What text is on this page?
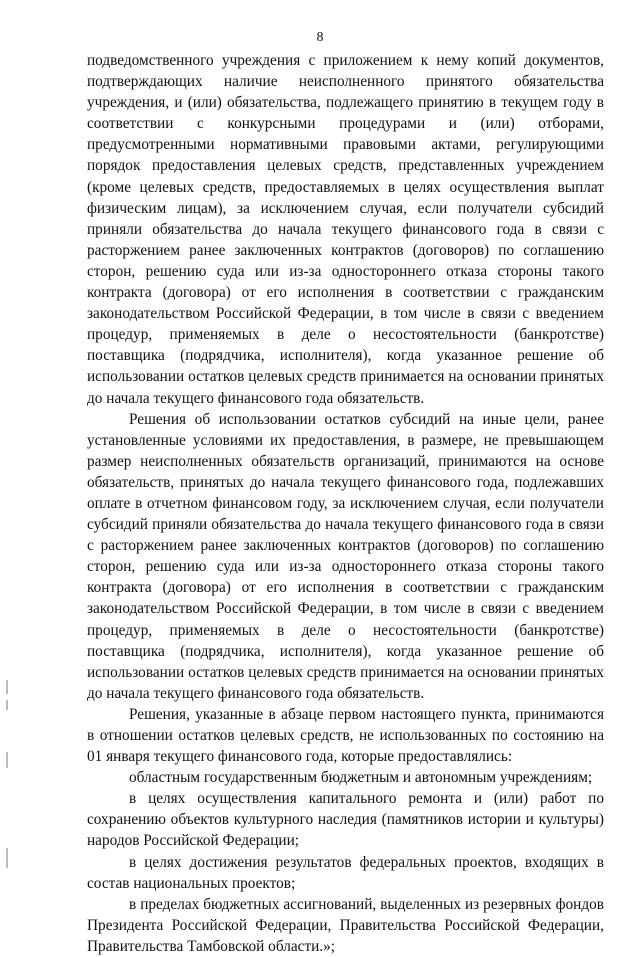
8

подведомственного учреждения с приложением к нему копий документов, подтверждающих наличие неисполненного принятого обязательства учреждения, и (или) обязательства, подлежащего принятию в текущем году в соответствии с конкурсными процедурами и (или) отборами, предусмотренными нормативными правовыми актами, регулирующими порядок предоставления целевых средств, представленных учреждением (кроме целевых средств, предоставляемых в целях осуществления выплат физическим лицам), за исключением случая, если получатели субсидий приняли обязательства до начала текущего финансового года в связи с расторжением ранее заключенных контрактов (договоров) по соглашению сторон, решению суда или из-за одностороннего отказа стороны такого контракта (договора) от его исполнения в соответствии с гражданским законодательством Российской Федерации, в том числе в связи с введением процедур, применяемых в деле о несостоятельности (банкротстве) поставщика (подрядчика, исполнителя), когда указанное решение об использовании остатков целевых средств принимается на основании принятых до начала текущего финансового года обязательств.

Решения об использовании остатков субсидий на иные цели, ранее установленные условиями их предоставления, в размере, не превышающем размер неисполненных обязательств организаций, принимаются на основе обязательств, принятых до начала текущего финансового года, подлежавших оплате в отчетном финансовом году, за исключением случая, если получатели субсидий приняли обязательства до начала текущего финансового года в связи с расторжением ранее заключенных контрактов (договоров) по соглашению сторон, решению суда или из-за одностороннего отказа стороны такого контракта (договора) от его исполнения в соответствии с гражданским законодательством Российской Федерации, в том числе в связи с введением процедур, применяемых в деле о несостоятельности (банкротстве) поставщика (подрядчика, исполнителя), когда указанное решение об использовании остатков целевых средств принимается на основании принятых до начала текущего финансового года обязательств.

Решения, указанные в абзаце первом настоящего пункта, принимаются в отношении остатков целевых средств, не использованных по состоянию на 01 января текущего финансового года, которые предоставлялись:

областным государственным бюджетным и автономным учреждениям;

в целях осуществления капитального ремонта и (или) работ по сохранению объектов культурного наследия (памятников истории и культуры) народов Российской Федерации;

в целях достижения результатов федеральных проектов, входящих в состав национальных проектов;

в пределах бюджетных ассигнований, выделенных из резервных фондов Президента Российской Федерации, Правительства Российской Федерации, Правительства Тамбовской области.»;
